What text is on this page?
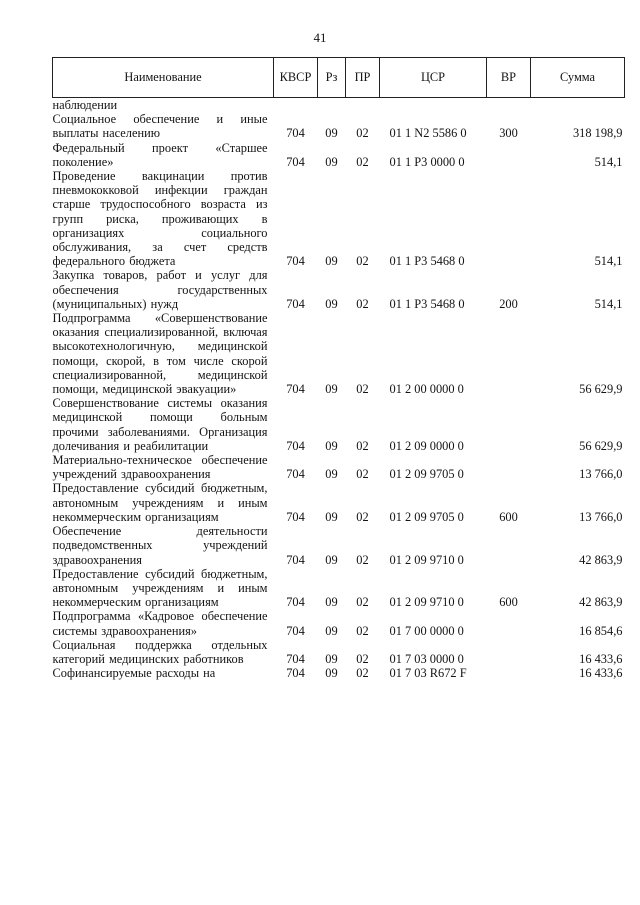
41
Наименование	КВСР	Рз	ПР	ЦСР	ВР	Сумма
наблюдении						
Социальное обеспечение и иные выплаты населению	704	09	02	01 1 N2 5586 0	300	318 198,9
Федеральный проект «Старшее поколение»	704	09	02	01 1 P3 0000 0		514,1
Проведение вакцинации против пневмококковой инфекции граждан старше трудоспособного возраста из групп риска, проживающих в организациях социального обслуживания, за счет средств федерального бюджета	704	09	02	01 1 P3 5468 0		514,1
Закупка товаров, работ и услуг для обеспечения государственных (муниципальных) нужд	704	09	02	01 1 P3 5468 0	200	514,1
Подпрограмма «Совершенствование оказания специализированной, включая высокотехнологичную, медицинской помощи, скорой, в том числе скорой специализированной, медицинской помощи, медицинской эвакуации»	704	09	02	01 2 00 0000 0		56 629,9
Совершенствование системы оказания медицинской помощи больным прочими заболеваниями. Организация долечивания и реабилитации	704	09	02	01 2 09 0000 0		56 629,9
Материально-техническое обеспечение учреждений здравоохранения	704	09	02	01 2 09 9705 0		13 766,0
Предоставление субсидий бюджетным, автономным учреждениям и иным некоммерческим организациям	704	09	02	01 2 09 9705 0	600	13 766,0
Обеспечение деятельности подведомственных учреждений здравоохранения	704	09	02	01 2 09 9710 0		42 863,9
Предоставление субсидий бюджетным, автономным учреждениям и иным некоммерческим организациям	704	09	02	01 2 09 9710 0	600	42 863,9
Подпрограмма «Кадровое обеспечение системы здравоохранения»	704	09	02	01 7 00 0000 0		16 854,6
Социальная поддержка отдельных категорий медицинских работников	704	09	02	01 7 03 0000 0		16 433,6
Софинансируемые расходы на	704	09	02	01 7 03 R672 F		16 433,6
